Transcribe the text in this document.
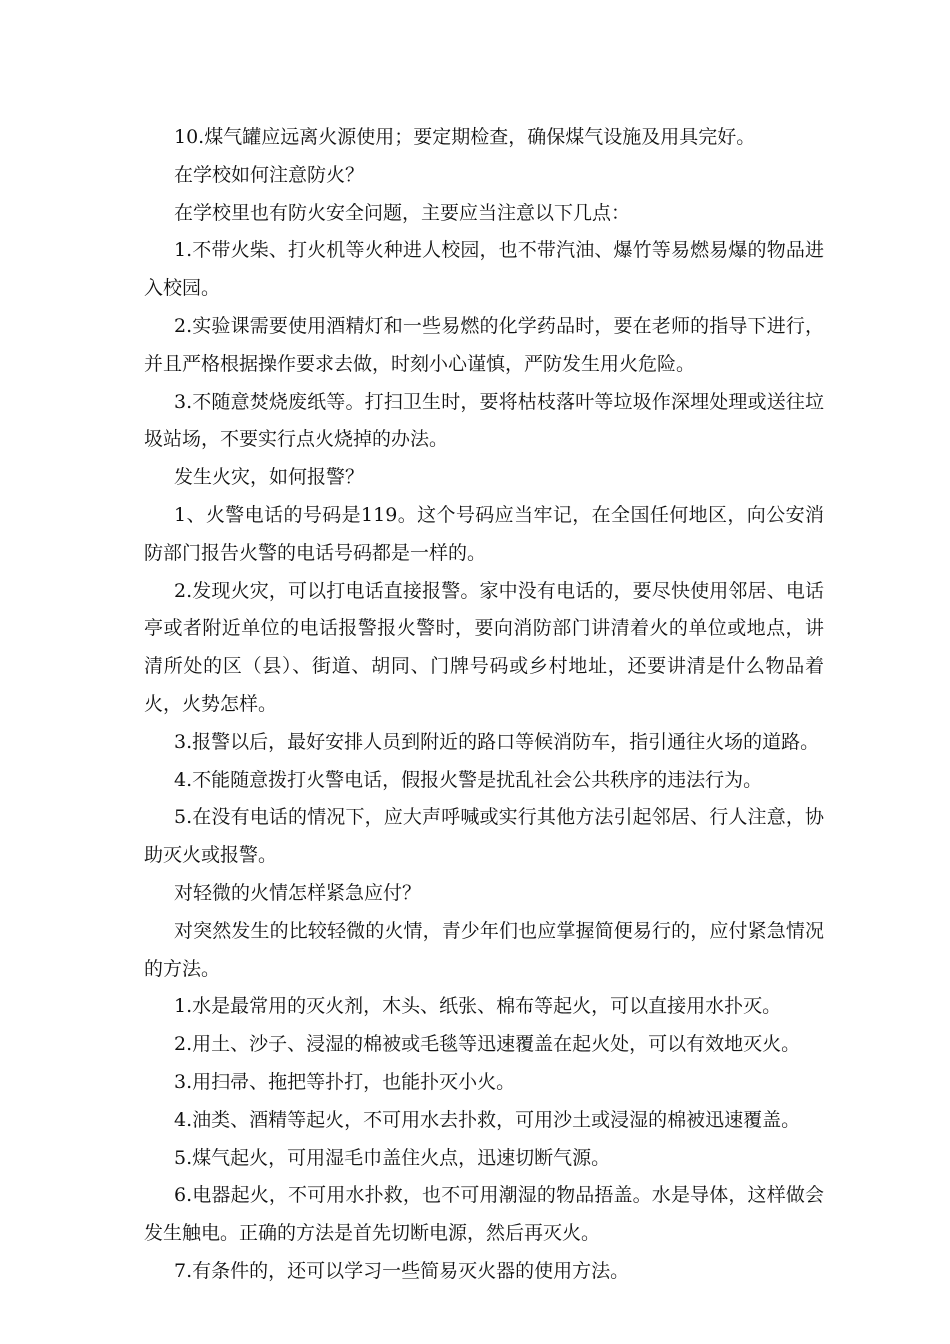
10.煤气罐应远离火源使用；要定期检查，确保煤气设施及用具完好。

在学校如何注意防火？

在学校里也有防火安全问题，主要应当注意以下几点：

1.不带火柴、打火机等火种进人校园，也不带汽油、爆竹等易燃易爆的物品进入校园。

2.实验课需要使用酒精灯和一些易燃的化学药品时，要在老师的指导下进行，并且严格根据操作要求去做，时刻小心谨慎，严防发生用火危险。

3.不随意焚烧废纸等。打扫卫生时，要将枯枝落叶等垃圾作深埋处理或送往垃圾站场，不要实行点火烧掉的办法。

发生火灾，如何报警？

1、火警电话的号码是119。这个号码应当牢记，在全国任何地区，向公安消防部门报告火警的电话号码都是一样的。

2.发现火灾，可以打电话直接报警。家中没有电话的，要尽快使用邻居、电话亭或者附近单位的电话报警报火警时，要向消防部门讲清着火的单位或地点，讲清所处的区（县）、街道、胡同、门牌号码或乡村地址，还要讲清是什么物品着火，火势怎样。

3.报警以后，最好安排人员到附近的路口等候消防车，指引通往火场的道路。

4.不能随意拨打火警电话，假报火警是扰乱社会公共秩序的违法行为。

5.在没有电话的情况下，应大声呼喊或实行其他方法引起邻居、行人注意，协助灭火或报警。

对轻微的火情怎样紧急应付？

对突然发生的比较轻微的火情，青少年们也应掌握简便易行的，应付紧急情况的方法。

1.水是最常用的灭火剂，木头、纸张、棉布等起火，可以直接用水扑灭。

2.用土、沙子、浸湿的棉被或毛毯等迅速覆盖在起火处，可以有效地灭火。

3.用扫帚、拖把等扑打，也能扑灭小火。

4.油类、酒精等起火，不可用水去扑救，可用沙土或浸湿的棉被迅速覆盖。

5.煤气起火，可用湿毛巾盖住火点，迅速切断气源。

6.电器起火，不可用水扑救，也不可用潮湿的物品捂盖。水是导体，这样做会发生触电。正确的方法是首先切断电源，然后再灭火。

7.有条件的，还可以学习一些简易灭火器的使用方法。
